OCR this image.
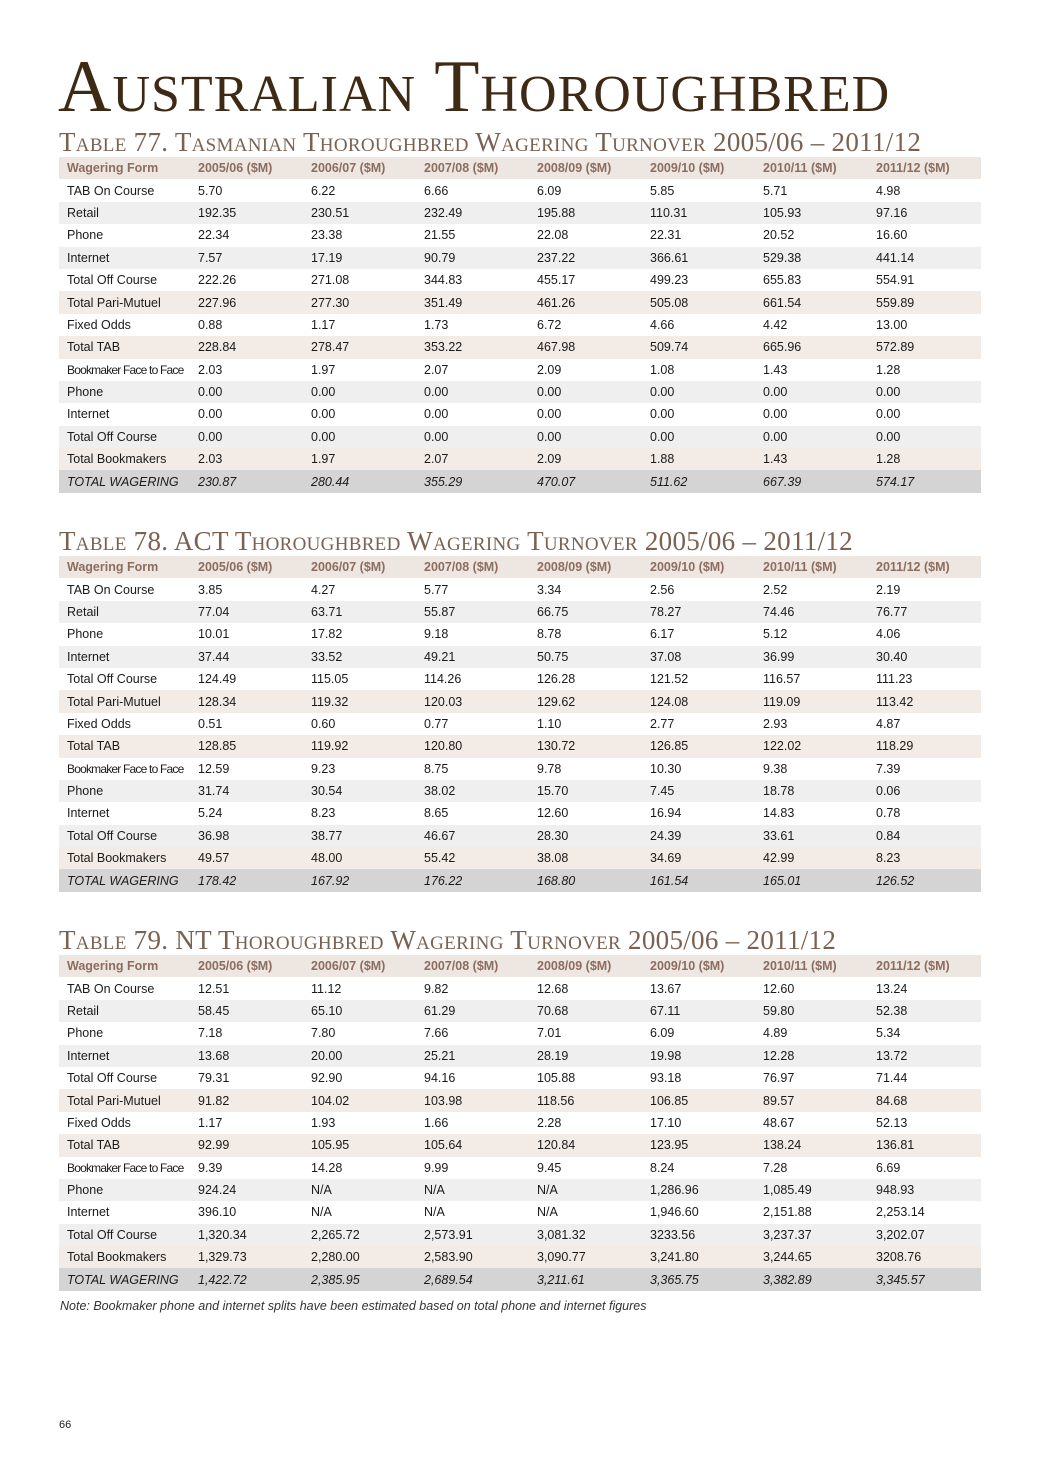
Australian Thoroughbred
Table 77. Tasmanian Thoroughbred Wagering Turnover 2005/06 – 2011/12
Wagering Form	2005/06 ($M)	2006/07 ($M)	2007/08 ($M)	2008/09 ($M)	2009/10 ($M)	2010/11 ($M)	2011/12 ($M)
TAB On Course	5.70	6.22	6.66	6.09	5.85	5.71	4.98
Retail	192.35	230.51	232.49	195.88	110.31	105.93	97.16
Phone	22.34	23.38	21.55	22.08	22.31	20.52	16.60
Internet	7.57	17.19	90.79	237.22	366.61	529.38	441.14
Total Off Course	222.26	271.08	344.83	455.17	499.23	655.83	554.91
Total Pari-Mutuel	227.96	277.30	351.49	461.26	505.08	661.54	559.89
Fixed Odds	0.88	1.17	1.73	6.72	4.66	4.42	13.00
Total TAB	228.84	278.47	353.22	467.98	509.74	665.96	572.89
Bookmaker Face to Face	2.03	1.97	2.07	2.09	1.08	1.43	1.28
Phone	0.00	0.00	0.00	0.00	0.00	0.00	0.00
Internet	0.00	0.00	0.00	0.00	0.00	0.00	0.00
Total Off Course	0.00	0.00	0.00	0.00	0.00	0.00	0.00
Total Bookmakers	2.03	1.97	2.07	2.09	1.88	1.43	1.28
TOTAL WAGERING	230.87	280.44	355.29	470.07	511.62	667.39	574.17
Table 78. ACT Thoroughbred Wagering Turnover 2005/06 – 2011/12
Wagering Form	2005/06 ($M)	2006/07 ($M)	2007/08 ($M)	2008/09 ($M)	2009/10 ($M)	2010/11 ($M)	2011/12 ($M)
TAB On Course	3.85	4.27	5.77	3.34	2.56	2.52	2.19
Retail	77.04	63.71	55.87	66.75	78.27	74.46	76.77
Phone	10.01	17.82	9.18	8.78	6.17	5.12	4.06
Internet	37.44	33.52	49.21	50.75	37.08	36.99	30.40
Total Off Course	124.49	115.05	114.26	126.28	121.52	116.57	111.23
Total Pari-Mutuel	128.34	119.32	120.03	129.62	124.08	119.09	113.42
Fixed Odds	0.51	0.60	0.77	1.10	2.77	2.93	4.87
Total TAB	128.85	119.92	120.80	130.72	126.85	122.02	118.29
Bookmaker Face to Face	12.59	9.23	8.75	9.78	10.30	9.38	7.39
Phone	31.74	30.54	38.02	15.70	7.45	18.78	0.06
Internet	5.24	8.23	8.65	12.60	16.94	14.83	0.78
Total Off Course	36.98	38.77	46.67	28.30	24.39	33.61	0.84
Total Bookmakers	49.57	48.00	55.42	38.08	34.69	42.99	8.23
TOTAL WAGERING	178.42	167.92	176.22	168.80	161.54	165.01	126.52
Table 79. NT Thoroughbred Wagering Turnover 2005/06 – 2011/12
Wagering Form	2005/06 ($M)	2006/07 ($M)	2007/08 ($M)	2008/09 ($M)	2009/10 ($M)	2010/11 ($M)	2011/12 ($M)
TAB On Course	12.51	11.12	9.82	12.68	13.67	12.60	13.24
Retail	58.45	65.10	61.29	70.68	67.11	59.80	52.38
Phone	7.18	7.80	7.66	7.01	6.09	4.89	5.34
Internet	13.68	20.00	25.21	28.19	19.98	12.28	13.72
Total Off Course	79.31	92.90	94.16	105.88	93.18	76.97	71.44
Total Pari-Mutuel	91.82	104.02	103.98	118.56	106.85	89.57	84.68
Fixed Odds	1.17	1.93	1.66	2.28	17.10	48.67	52.13
Total TAB	92.99	105.95	105.64	120.84	123.95	138.24	136.81
Bookmaker Face to Face	9.39	14.28	9.99	9.45	8.24	7.28	6.69
Phone	924.24	N/A	N/A	N/A	1,286.96	1,085.49	948.93
Internet	396.10	N/A	N/A	N/A	1,946.60	2,151.88	2,253.14
Total Off Course	1,320.34	2,265.72	2,573.91	3,081.32	3233.56	3,237.37	3,202.07
Total Bookmakers	1,329.73	2,280.00	2,583.90	3,090.77	3,241.80	3,244.65	3208.76
TOTAL WAGERING	1,422.72	2,385.95	2,689.54	3,211.61	3,365.75	3,382.89	3,345.57

Note: Bookmaker phone and internet splits have been estimated based on total phone and internet figures

66
